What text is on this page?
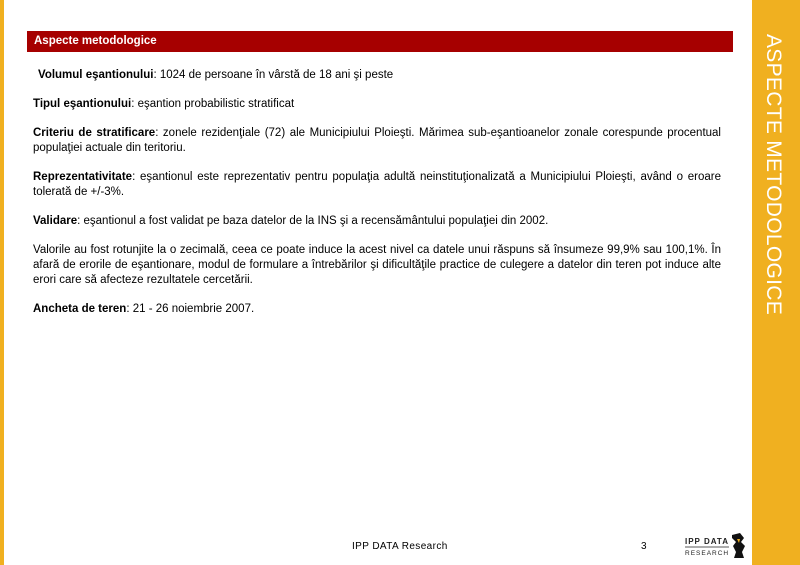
ASPECTE METODOLOGICE
Aspecte metodologice

Volumul eşantionului: 1024 de persoane în vârstă de 18 ani şi peste

Tipul eşantionului: eşantion probabilistic stratificat

Criteriu de stratificare: zonele rezidenţiale (72) ale Municipiului Ploieşti. Mărimea sub-eşantioanelor zonale corespunde procentual populaţiei actuale din teritoriu.

Reprezentativitate: eşantionul este reprezentativ pentru populaţia adultă neinstituţionalizată a Municipiului Ploieşti, având o eroare tolerată de +/-3%.

Validare: eşantionul a fost validat pe baza datelor de la INS şi a recensământului populaţiei din 2002.

Valorile au fost rotunjite la o zecimală, ceea ce poate induce la acest nivel ca datele unui răspuns să însumeze 99,9% sau 100,1%. În afară de erorile de eşantionare, modul de formulare a întrebărilor şi dificultăţile practice de culegere a datelor din teren pot induce alte erori care să afecteze rezultatele cercetării.

Ancheta de teren: 21 - 26 noiembrie 2007.

IPP DATA Research	3	IPP DATA
RESEARCH
